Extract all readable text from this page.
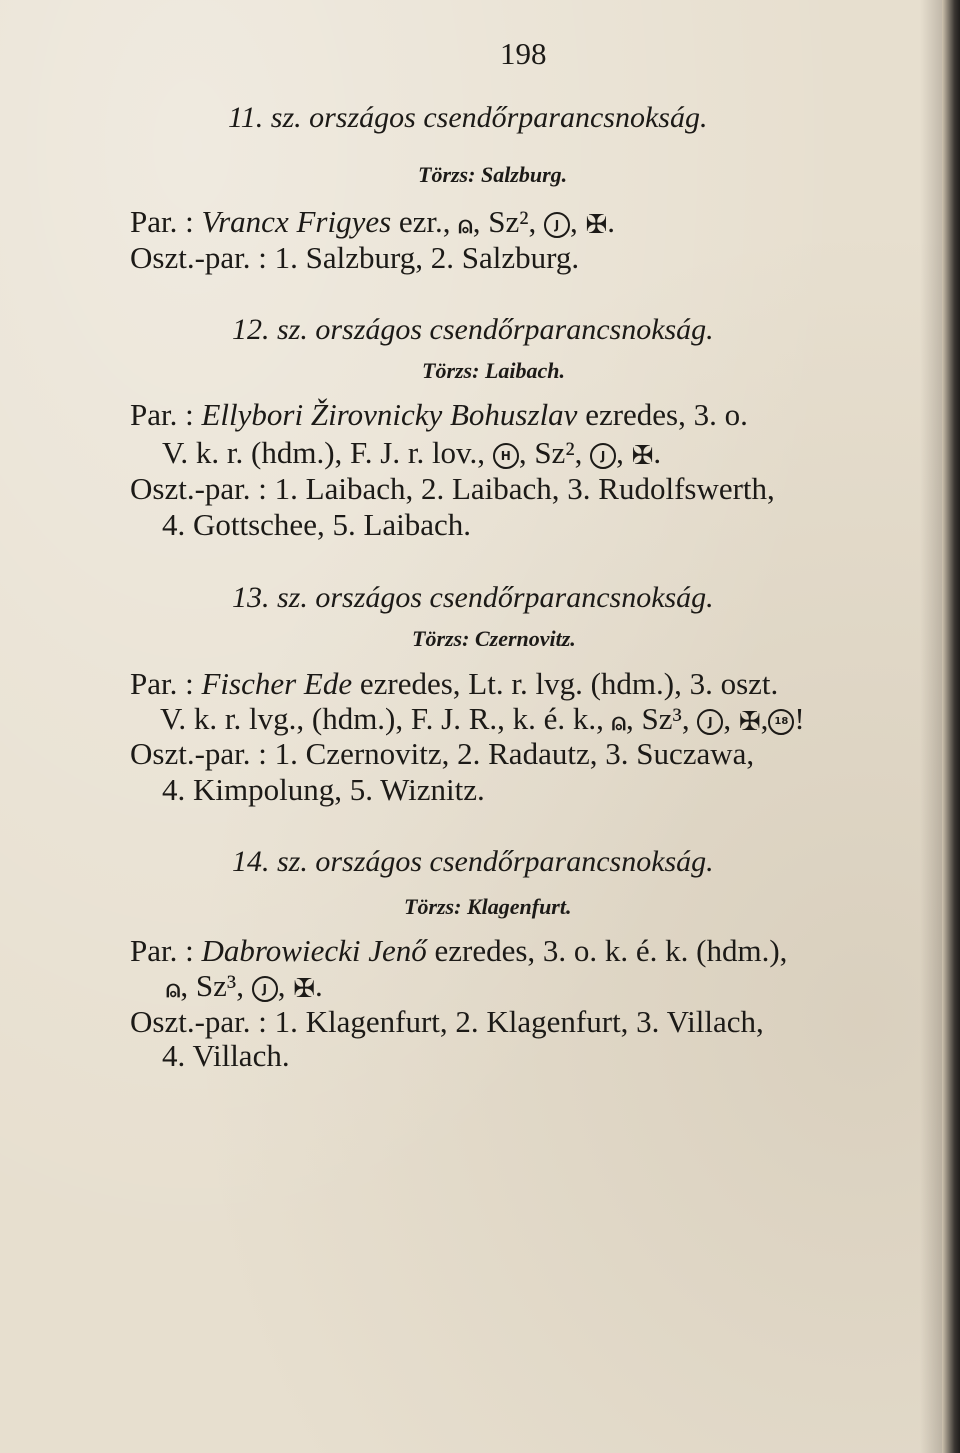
198
11. sz. országos csendőrparancsnokság.
Törzs: Salzburg.
Par. : Vrancx Frigyes ezr., ⍝, Sz², J , ✠.
Oszt.-par. : 1. Salzburg, 2. Salzburg.
12. sz. országos csendőrparancsnokság.
Törzs: Laibach.
Par. : Ellybori Žirovnicky Bohuszlav ezredes, 3. o.
V. k. r. (hdm.), F. J. r. lov., H , Sz², J , ✠.
Oszt.-par. : 1. Laibach, 2. Laibach, 3. Rudolfswerth,
4. Gottschee, 5. Laibach.
13. sz. országos csendőrparancsnokság.
Törzs: Czernovitz.
Par. : Fischer Ede ezredes, Lt. r. lvg. (hdm.), 3. oszt.
V. k. r. lvg., (hdm.), F. J. R., k. é. k., ⍝, Sz³, J , ✠, 18 !
Oszt.-par. : 1. Czernovitz, 2. Radautz, 3. Suczawa,
4. Kimpolung, 5. Wiznitz.
14. sz. országos csendőrparancsnokság.
Törzs: Klagenfurt.
Par. : Dabrowiecki Jenő ezredes, 3. o. k. é. k. (hdm.),
⍝, Sz³, J , ✠.
Oszt.-par. : 1. Klagenfurt, 2. Klagenfurt, 3. Villach,
4. Villach.
